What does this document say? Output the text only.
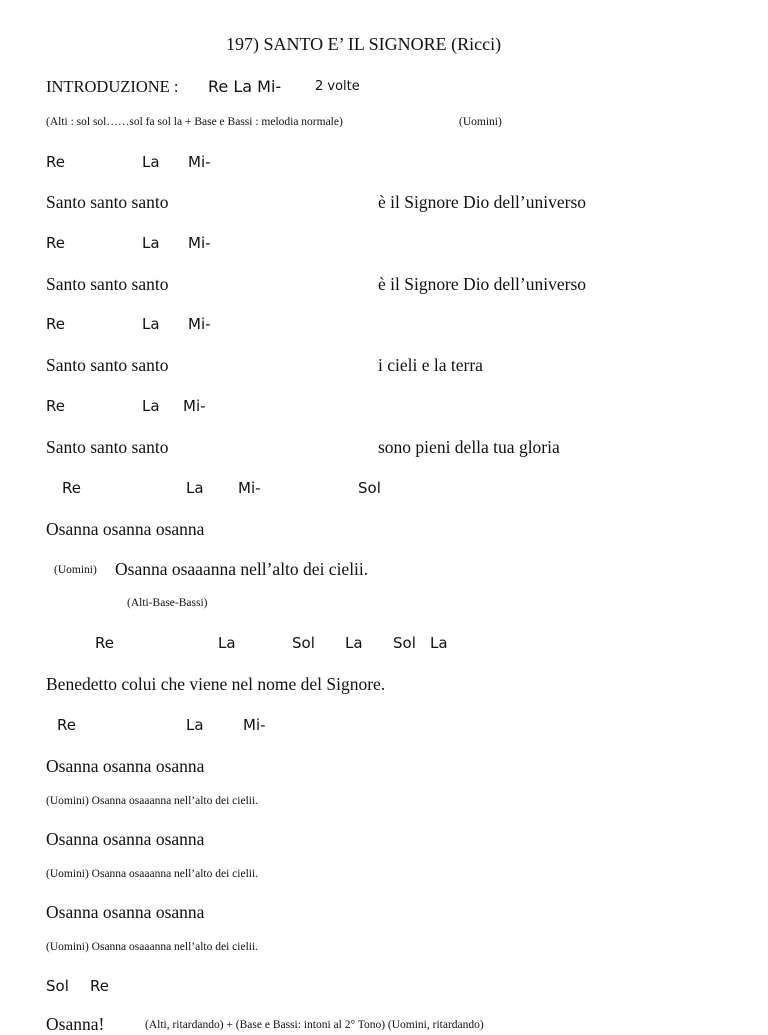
197) SANTO E’ IL SIGNORE (Ricci)
INTRODUZIONE : Re La Mi-	2 volte
(Alti : sol sol……sol fa sol la + Base e Bassi : melodia normale)	(Uomini)
Re	La Mi-
Santo santo santo	è il Signore Dio dell’universo
Re	La Mi-
Santo santo santo	è il Signore Dio dell’universo
Re	La Mi-
Santo santo santo	i cieli e la terra
Re	La Mi-
Santo santo santo	sono pieni della tua gloria
Re	La Mi-	Sol
Osanna osanna osanna
(Uomini) Osanna osaaanna nell’alto dei cielii.
(Alti-Base-Bassi)
Re	La	Sol La Sol La
Benedetto colui che viene nel nome del Signore.
Re	La	Mi-
Osanna osanna osanna
(Uomini) Osanna osaaanna nell’alto dei cielii.
Osanna osanna osanna
(Uomini) Osanna osaaanna nell’alto dei cielii.
Osanna osanna osanna
(Uomini) Osanna osaaanna nell’alto dei cielii.
Sol Re
Osanna!	(Alti, ritardando) + (Base e Bassi: intoni al 2° Tono) (Uomini, ritardando)
